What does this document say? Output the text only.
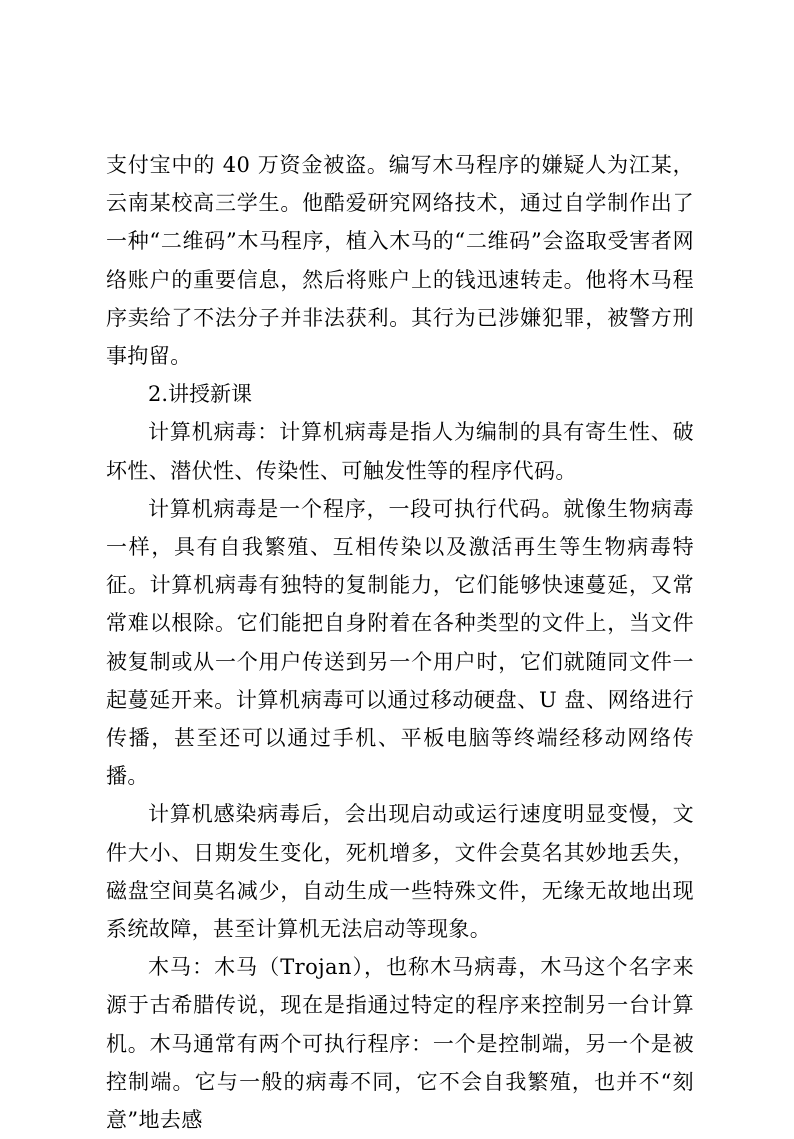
支付宝中的 40 万资金被盗。编写木马程序的嫌疑人为江某，云南某校高三学生。他酷爱研究网络技术，通过自学制作出了一种“二维码”木马程序，植入木马的“二维码”会盗取受害者网络账户的重要信息，然后将账户上的钱迅速转走。他将木马程序卖给了不法分子并非法获利。其行为已涉嫌犯罪，被警方刑事拘留。

2.讲授新课

计算机病毒：计算机病毒是指人为编制的具有寄生性、破坏性、潜伏性、传染性、可触发性等的程序代码。

计算机病毒是一个程序，一段可执行代码。就像生物病毒一样，具有自我繁殖、互相传染以及激活再生等生物病毒特征。计算机病毒有独特的复制能力，它们能够快速蔓延，又常常难以根除。它们能把自身附着在各种类型的文件上，当文件被复制或从一个用户传送到另一个用户时，它们就随同文件一起蔓延开来。计算机病毒可以通过移动硬盘、U 盘、网络进行传播，甚至还可以通过手机、平板电脑等终端经移动网络传播。

计算机感染病毒后，会出现启动或运行速度明显变慢，文件大小、日期发生变化，死机增多，文件会莫名其妙地丢失，磁盘空间莫名减少，自动生成一些特殊文件，无缘无故地出现系统故障，甚至计算机无法启动等现象。

木马：木马（Trojan），也称木马病毒，木马这个名字来源于古希腊传说，现在是指通过特定的程序来控制另一台计算机。木马通常有两个可执行程序：一个是控制端，另一个是被控制端。它与一般的病毒不同，它不会自我繁殖，也并不“刻意”地去感
